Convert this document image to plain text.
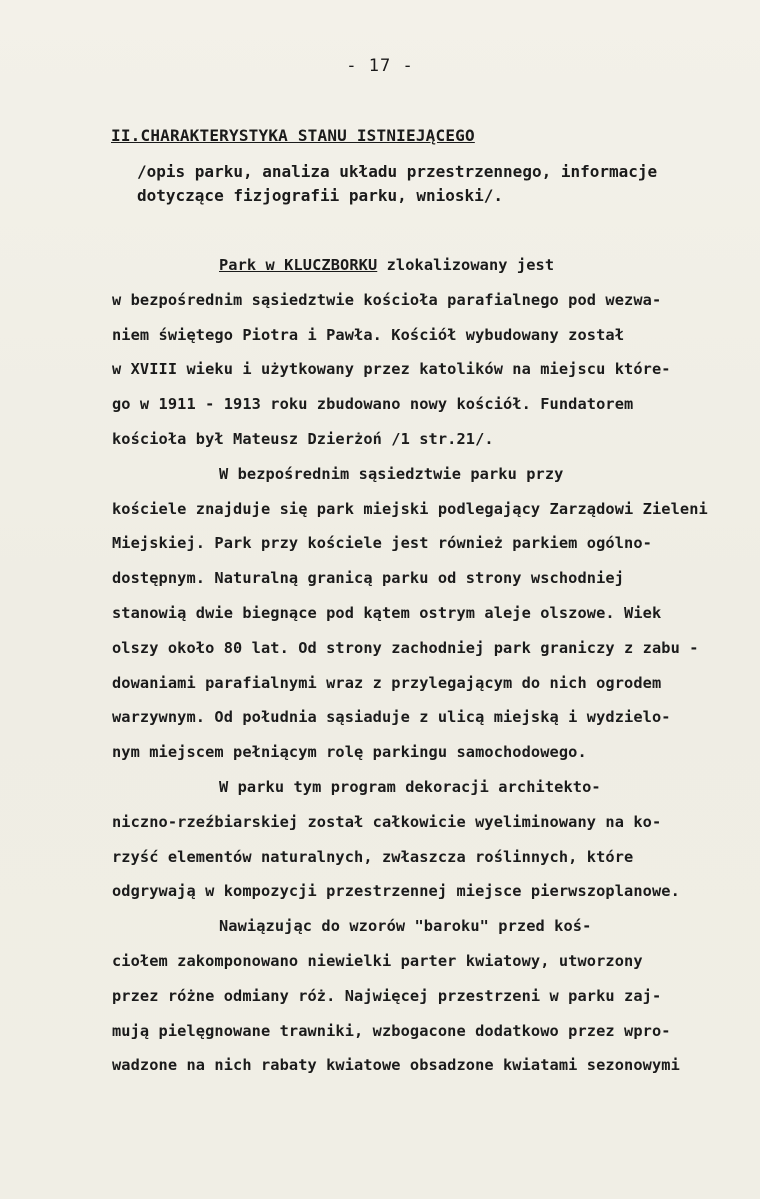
- 17 -
II.CHARAKTERYSTYKA STANU ISTNIEJĄCEGO
/opis parku, analiza układu przestrzennego, informacje
dotyczące fizjografii parku, wnioski/.
Park w KLUCZBORKU zlokalizowany jest
w bezpośrednim sąsiedztwie kościoła parafialnego pod wezwa-
niem świętego Piotra i Pawła. Kościół wybudowany został
w XVIII wieku i użytkowany przez katolików na miejscu które-
go w 1911 - 1913 roku zbudowano nowy kościół. Fundatorem
kościoła był Mateusz Dzierżoń /1 str.21/.
W bezpośrednim sąsiedztwie parku przy
kościele znajduje się park miejski podlegający Zarządowi Zieleni
Miejskiej. Park przy kościele jest również parkiem ogólno-
dostępnym. Naturalną granicą parku od strony wschodniej
stanowią dwie biegnące pod kątem ostrym aleje olszowe. Wiek
olszy około 80 lat. Od strony zachodniej park graniczy z zabu -
dowaniami parafialnymi wraz z przylegającym do nich ogrodem
warzywnym. Od południa sąsiaduje z ulicą miejską i wydzielo-
nym miejscem pełniącym rolę parkingu samochodowego.
W parku tym program dekoracji architekto-
niczno-rzeźbiarskiej został całkowicie wyeliminowany na ko-
rzyść elementów naturalnych, zwłaszcza roślinnych, które
odgrywają w kompozycji przestrzennej miejsce pierwszoplanowe.
Nawiązując do wzorów "baroku" przed koś-
ciołem zakomponowano niewielki parter kwiatowy, utworzony
przez różne odmiany róż. Najwięcej przestrzeni w parku zaj-
mują pielęgnowane trawniki, wzbogacone dodatkowo przez wpro-
wadzone na nich rabaty kwiatowe obsadzone kwiatami sezonowymi
